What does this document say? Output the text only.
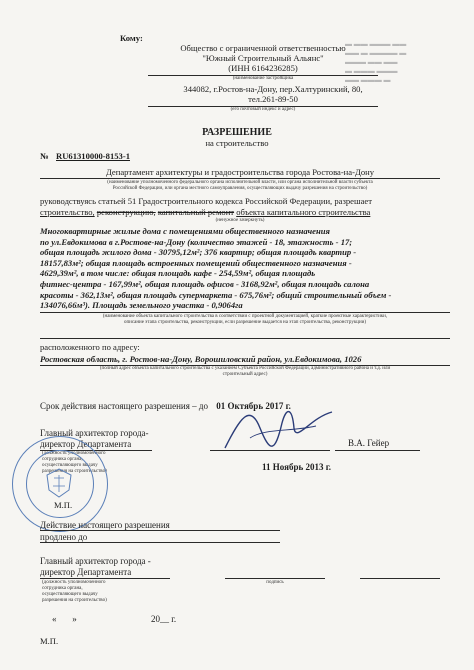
▬ ▬▬ ▬▬▬ ▬▬
▬▬ ▬ ▬▬▬▬ ▬
▬▬▬ ▬▬ ▬▬
▬ ▬▬▬ ▬▬▬
▬▬ ▬▬▬ ▬
Кому:
Общество с ограниченной ответственностью
"Южный Строительный Альянс"
(ИНН 6164236285)
(наименование застройщика
344082, г.Ростов-на-Дону, пер.Халтуринский, 80,
тел.261-89-50
(его почтовый индекс и адрес)
РАЗРЕШЕНИЕ
на строительство
№ RU61310000-8153-1
Департамент архитектуры и градостроительства города Ростова-на-Дону
(наименование уполномоченного федерального органа исполнительной власти, или органа исполнительной власти субъекта
Российской Федерации, или органа местного самоуправления, осуществляющих выдачу разрешения на строительство)
руководствуясь статьей 51 Градостроительного кодекса Российской Федерации, разрешает
строительство, реконструкцию, капитальный ремонт объекта капитального строительства
(ненужное зачеркнуть)
Многоквартирные жилые дома с помещениями общественного назначения
по ул.Евдокимова в г.Ростове-на-Дону (количество этажей - 18, этажность - 17;
общая площадь жилого дома - 30795,12м²; 376 квартир; общая площадь квартир -
18157,83м²; общая площадь встроенных помещений общественного назначения -
4629,39м², в том числе: общая площадь кафе - 254,59м², общая площадь
фитнес-центра - 167,99м², общая площадь офисов - 3168,92м², общая площадь салона
красоты - 362,13м², общая площадь супермаркета - 675,76м²; общий строительный объем -
134076,66м³). Площадь земельного участка - 0,9064га
(наименование объекта капитального строительства в соответствии с проектной документацией, краткие проектные характеристики,
описание этапа строительства, реконструкции, если разрешение выдается на этап строительства, реконструкции)
расположенного по адресу:
Ростовская область, г. Ростов-на-Дону, Ворошиловский район, ул.Евдокимова, 1026
(полный адрес объекта капитального строительства с указанием Субъекта Российской Федерации, административного района и т.д. или
строительный адрес)
Срок действия настоящего разрешения – до 01 Октябрь 2017 г.
Главный архитектор города-
директор Департамента
(должность уполномоченного
сотрудника органа,
осуществляющего выдачу
разрешения на строительство)
В.А. Гейер
11 Ноябрь 2013 г.
М.П.
Действие настоящего разрешения
продлено до
Главный архитектор города -
директор Департамента
(должность уполномоченного
сотрудника органа,
осуществляющего выдачу
разрешения на строительство)
подпись
«       »                                 20__ г.
М.П.
